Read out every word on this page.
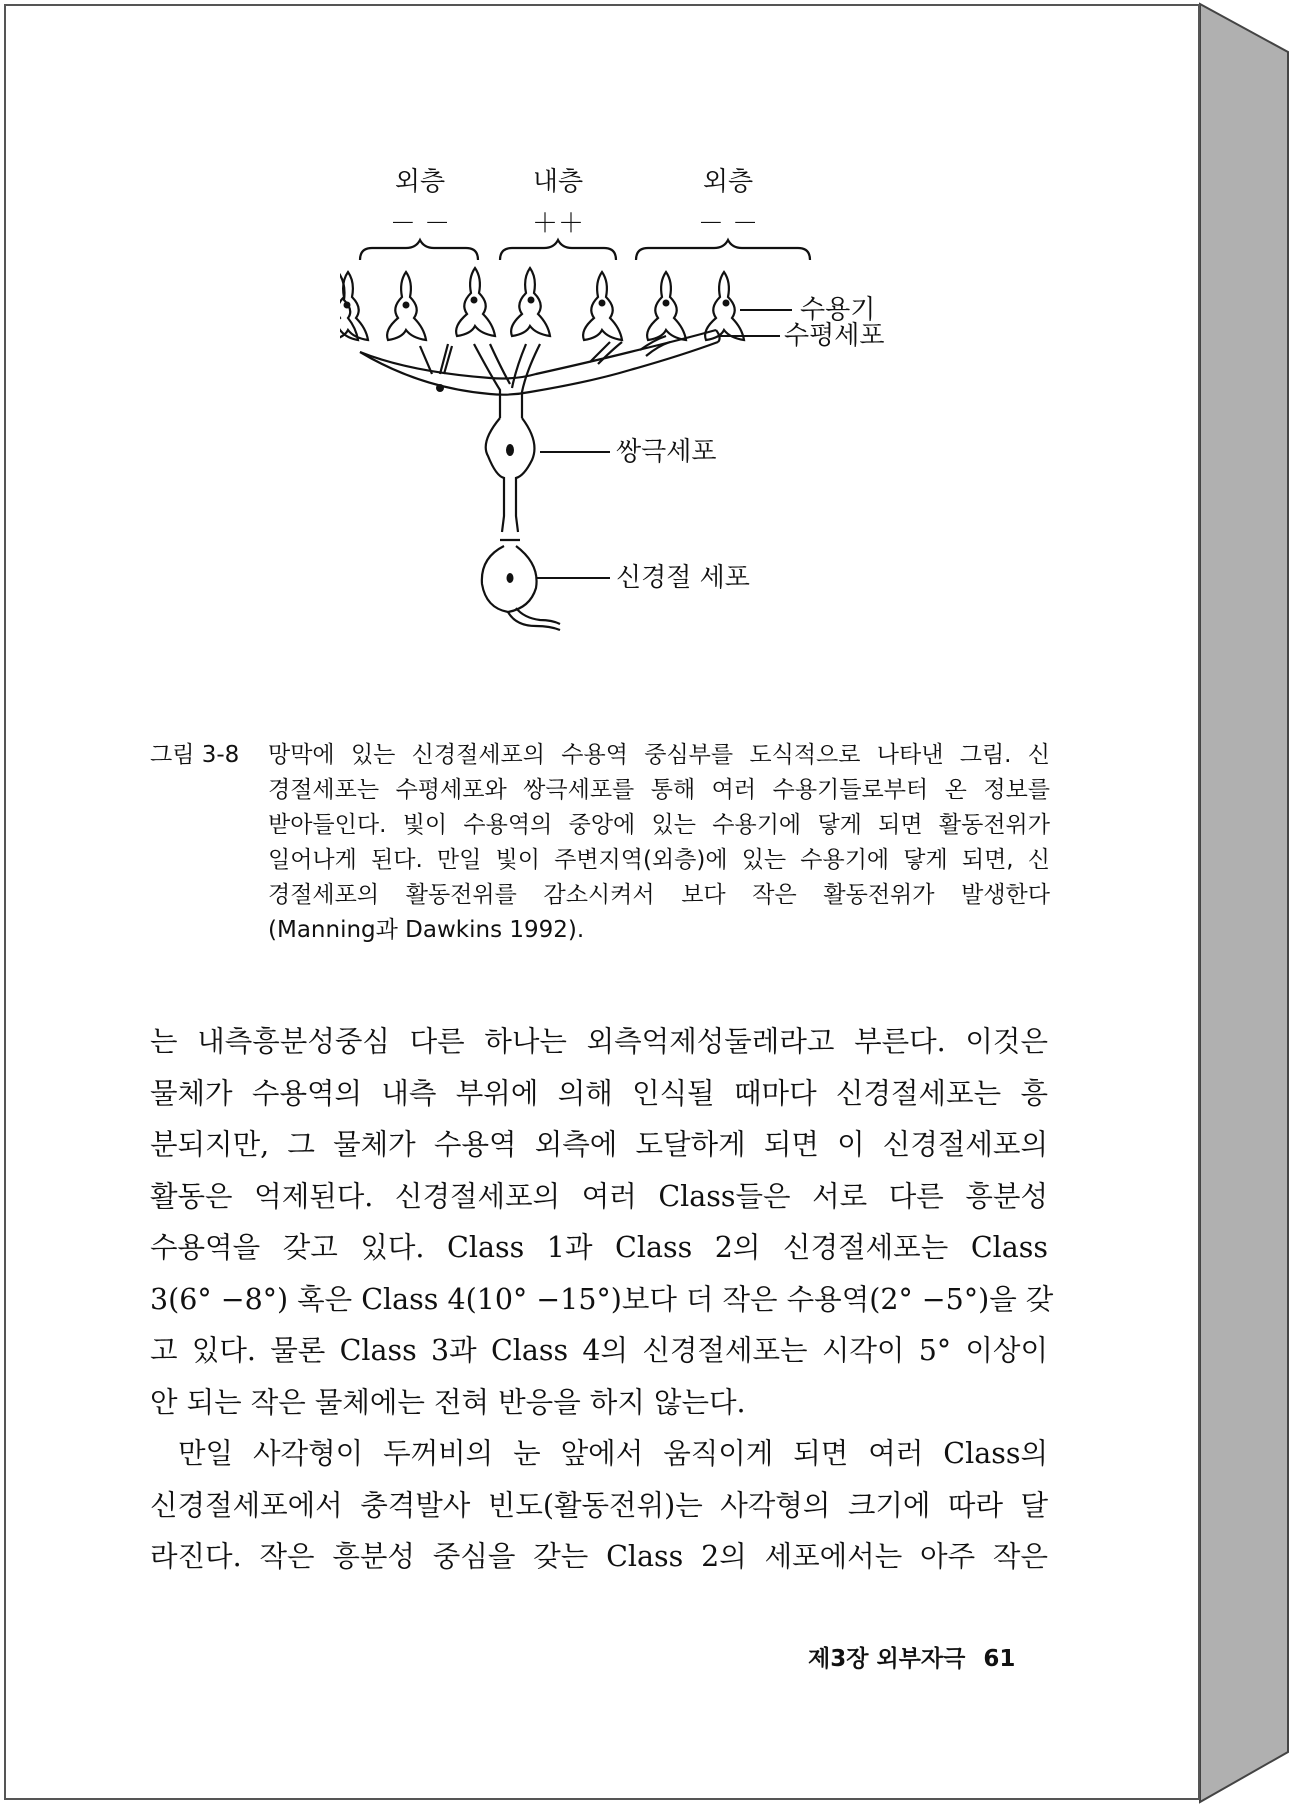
외층	내층	외층
－ －	＋＋	－ －
수용기
수평세포
쌍극세포
신경절 세포
그림 3-8	망막에 있는 신경절세포의 수용역 중심부를 도식적으로 나타낸 그림. 신
경절세포는 수평세포와 쌍극세포를 통해 여러 수용기들로부터 온 정보를
받아들인다. 빛이 수용역의 중앙에 있는 수용기에 닿게 되면 활동전위가
일어나게 된다. 만일 빛이 주변지역(외층)에 있는 수용기에 닿게 되면, 신
경절세포의 활동전위를 감소시켜서 보다 작은 활동전위가 발생한다
(Manning과 Dawkins 1992).
는 내측흥분성중심 다른 하나는 외측억제성둘레라고 부른다. 이것은
물체가 수용역의 내측 부위에 의해 인식될 때마다 신경절세포는 흥
분되지만, 그 물체가 수용역 외측에 도달하게 되면 이 신경절세포의
활동은 억제된다. 신경절세포의 여러 Class들은 서로 다른 흥분성
수용역을 갖고 있다. Class 1과 Class 2의 신경절세포는 Class
3(6° −8°) 혹은 Class 4(10° −15°)보다 더 작은 수용역(2° −5°)을 갖
고 있다. 물론 Class 3과 Class 4의 신경절세포는 시각이 5° 이상이
안 되는 작은 물체에는 전혀 반응을 하지 않는다.
만일 사각형이 두꺼비의 눈 앞에서 움직이게 되면 여러 Class의
신경절세포에서 충격발사 빈도(활동전위)는 사각형의 크기에 따라 달
라진다. 작은 흥분성 중심을 갖는 Class 2의 세포에서는 아주 작은
제3장 외부자극 61
